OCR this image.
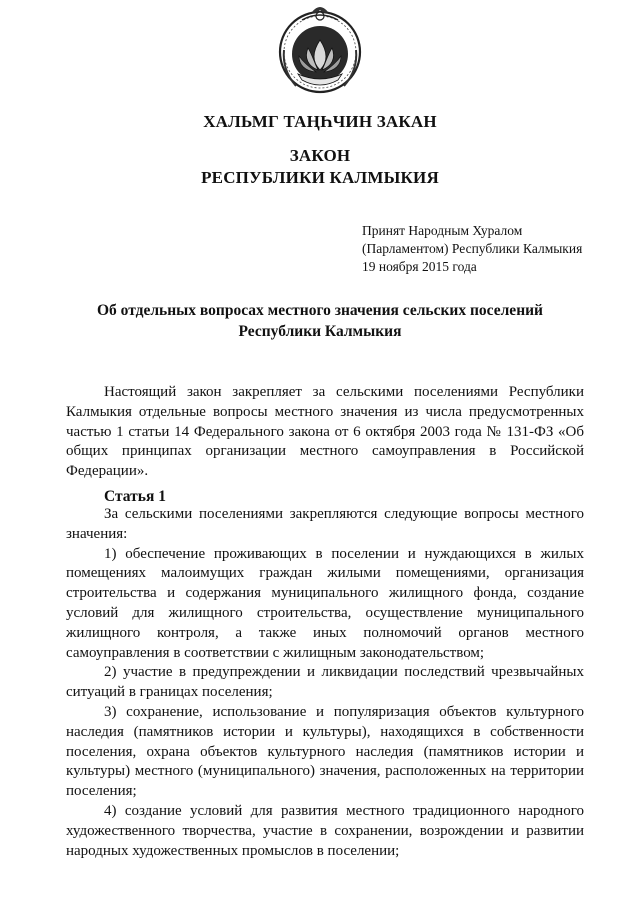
ХАЛЬМГ ТАҢҺЧИН ЗАКАН
ЗАКОН
РЕСПУБЛИКИ КАЛМЫКИЯ
Принят Народным Хуралом
(Парламентом) Республики Калмыкия
19 ноября 2015 года
Об отдельных вопросах местного значения сельских поселений
Республики Калмыкия

Настоящий закон закрепляет за сельскими поселениями Республики Калмыкия отдельные вопросы местного значения из числа предусмотренных частью 1 статьи 14 Федерального закона от 6 октября 2003 года № 131-ФЗ «Об общих принципах организации местного самоуправления в Российской Федерации».

Статья 1

За сельскими поселениями закрепляются следующие вопросы местного значения:

1) обеспечение проживающих в поселении и нуждающихся в жилых помещениях малоимущих граждан жилыми помещениями, организация строительства и содержания муниципального жилищного фонда, создание условий для жилищного строительства, осуществление муниципального жилищного контроля, а также иных полномочий органов местного самоуправления в соответствии с жилищным законодательством;

2) участие в предупреждении и ликвидации последствий чрезвычайных ситуаций в границах поселения;

3) сохранение, использование и популяризация объектов культурного наследия (памятников истории и культуры), находящихся в собственности поселения, охрана объектов культурного наследия (памятников истории и культуры) местного (муниципального) значения, расположенных на территории поселения;

4) создание условий для развития местного традиционного народного художественного творчества, участие в сохранении, возрождении и развитии народных художественных промыслов в поселении;
